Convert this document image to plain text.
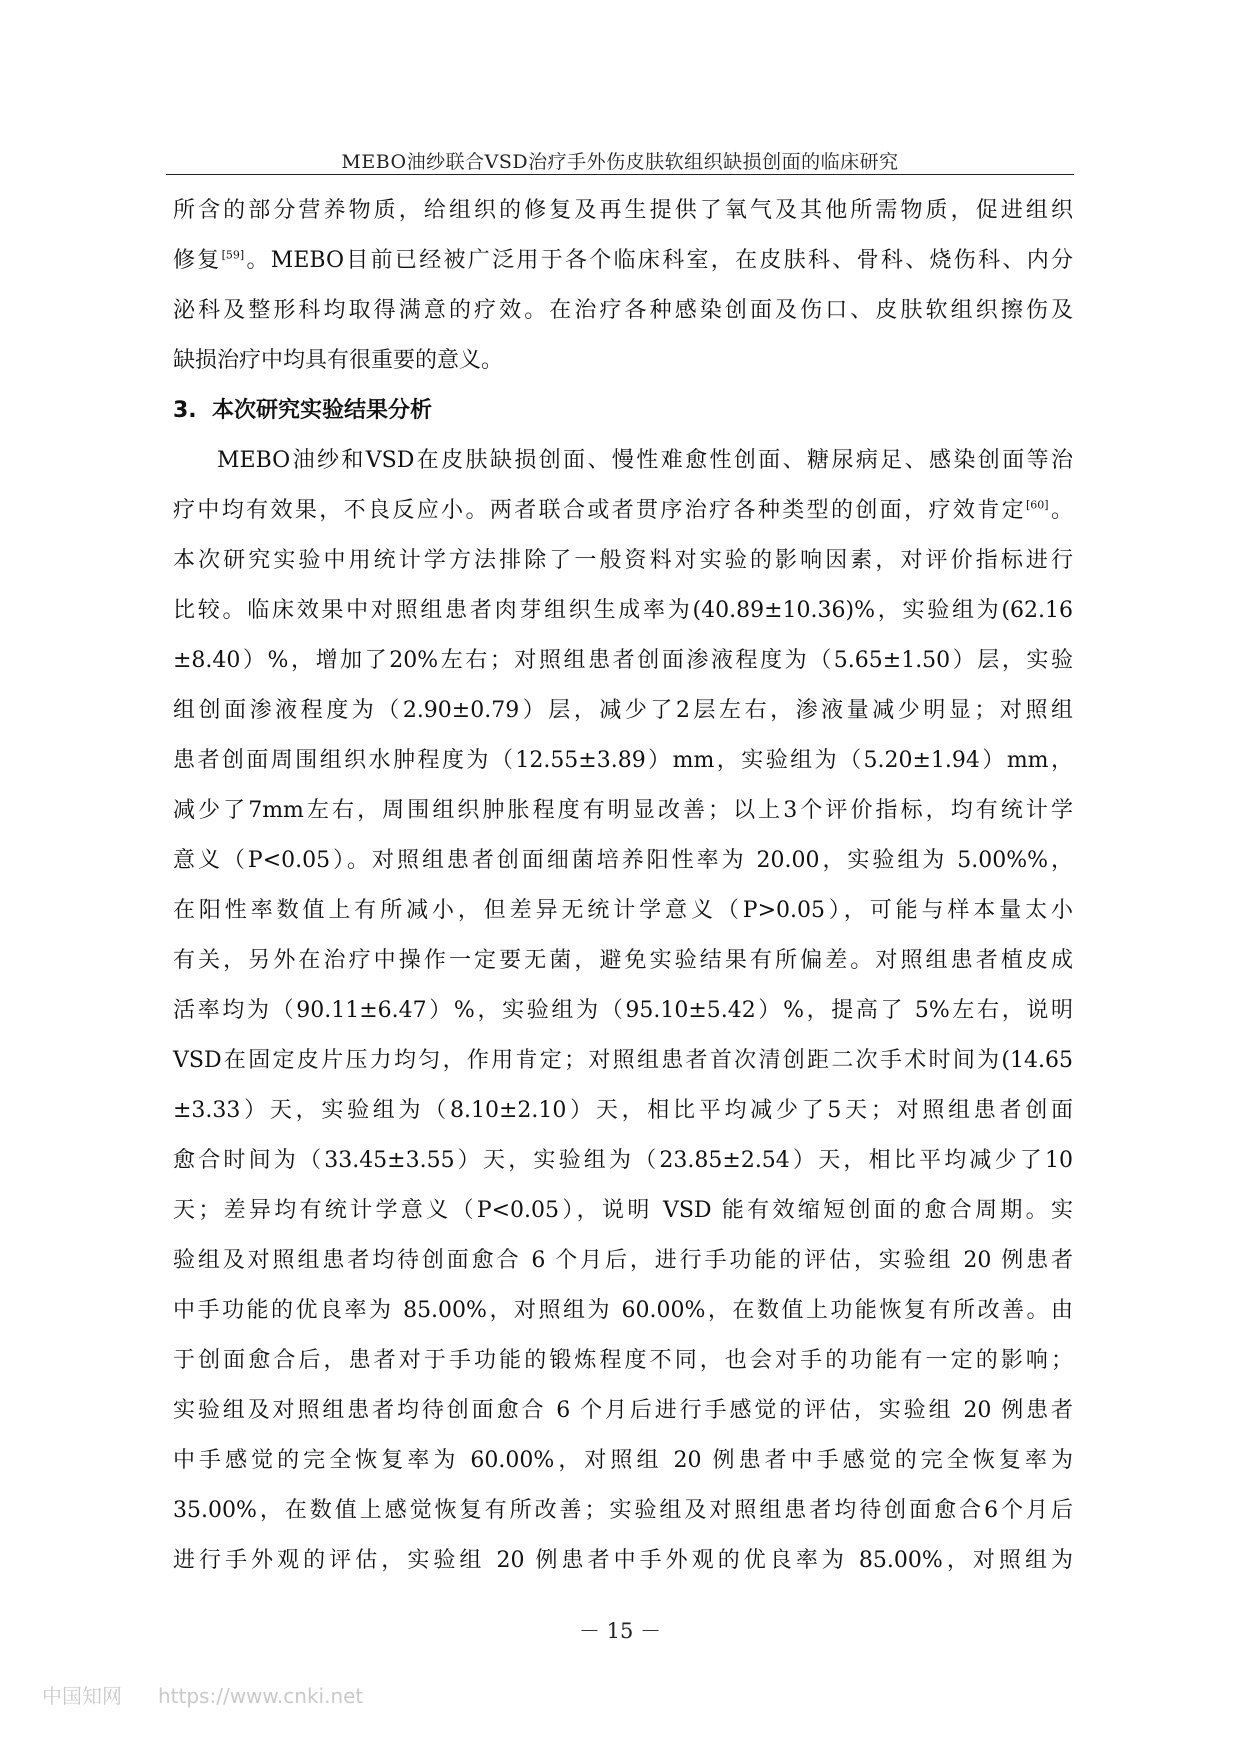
MEBO油纱联合VSD治疗手外伤皮肤软组织缺损创面的临床研究
所含的部分营养物质，给组织的修复及再生提供了氧气及其他所需物质，促进组织
修复[59]。MEBO目前已经被广泛用于各个临床科室，在皮肤科、骨科、烧伤科、内分
泌科及整形科均取得满意的疗效。在治疗各种感染创面及伤口、皮肤软组织擦伤及
缺损治疗中均具有很重要的意义。
3.  本次研究实验结果分析
MEBO油纱和VSD在皮肤缺损创面、慢性难愈性创面、糖尿病足、感染创面等治
疗中均有效果，不良反应小。两者联合或者贯序治疗各种类型的创面，疗效肯定[60]。
本次研究实验中用统计学方法排除了一般资料对实验的影响因素，对评价指标进行
比较。临床效果中对照组患者肉芽组织生成率为(40.89±10.36)%，实验组为(62.16
±8.40）%，增加了20%左右；对照组患者创面渗液程度为（5.65±1.50）层，实验
组创面渗液程度为（2.90±0.79）层，减少了2层左右，渗液量减少明显；对照组
患者创面周围组织水肿程度为（12.55±3.89）mm，实验组为（5.20±1.94）mm，
减少了7mm左右，周围组织肿胀程度有明显改善；以上3个评价指标，均有统计学
意义（P<0.05）。对照组患者创面细菌培养阳性率为 20.00，实验组为 5.00%%，
在阳性率数值上有所减小，但差异无统计学意义（P>0.05），可能与样本量太小
有关，另外在治疗中操作一定要无菌，避免实验结果有所偏差。对照组患者植皮成
活率均为（90.11±6.47）%，实验组为（95.10±5.42）%，提高了 5%左右，说明
VSD在固定皮片压力均匀，作用肯定；对照组患者首次清创距二次手术时间为(14.65
±3.33）天，实验组为（8.10±2.10）天，相比平均减少了5天；对照组患者创面
愈合时间为（33.45±3.55）天，实验组为（23.85±2.54）天，相比平均减少了10
天；差异均有统计学意义（P<0.05），说明 VSD 能有效缩短创面的愈合周期。实
验组及对照组患者均待创面愈合 6 个月后，进行手功能的评估，实验组 20 例患者
中手功能的优良率为 85.00%，对照组为 60.00%，在数值上功能恢复有所改善。由
于创面愈合后，患者对于手功能的锻炼程度不同，也会对手的功能有一定的影响；
实验组及对照组患者均待创面愈合 6 个月后进行手感觉的评估，实验组 20 例患者
中手感觉的完全恢复率为 60.00%，对照组 20 例患者中手感觉的完全恢复率为
35.00%，在数值上感觉恢复有所改善；实验组及对照组患者均待创面愈合6个月后
进行手外观的评估，实验组 20 例患者中手外观的优良率为 85.00%，对照组为
－ 15 －
中国知网 https://www.cnki.net
